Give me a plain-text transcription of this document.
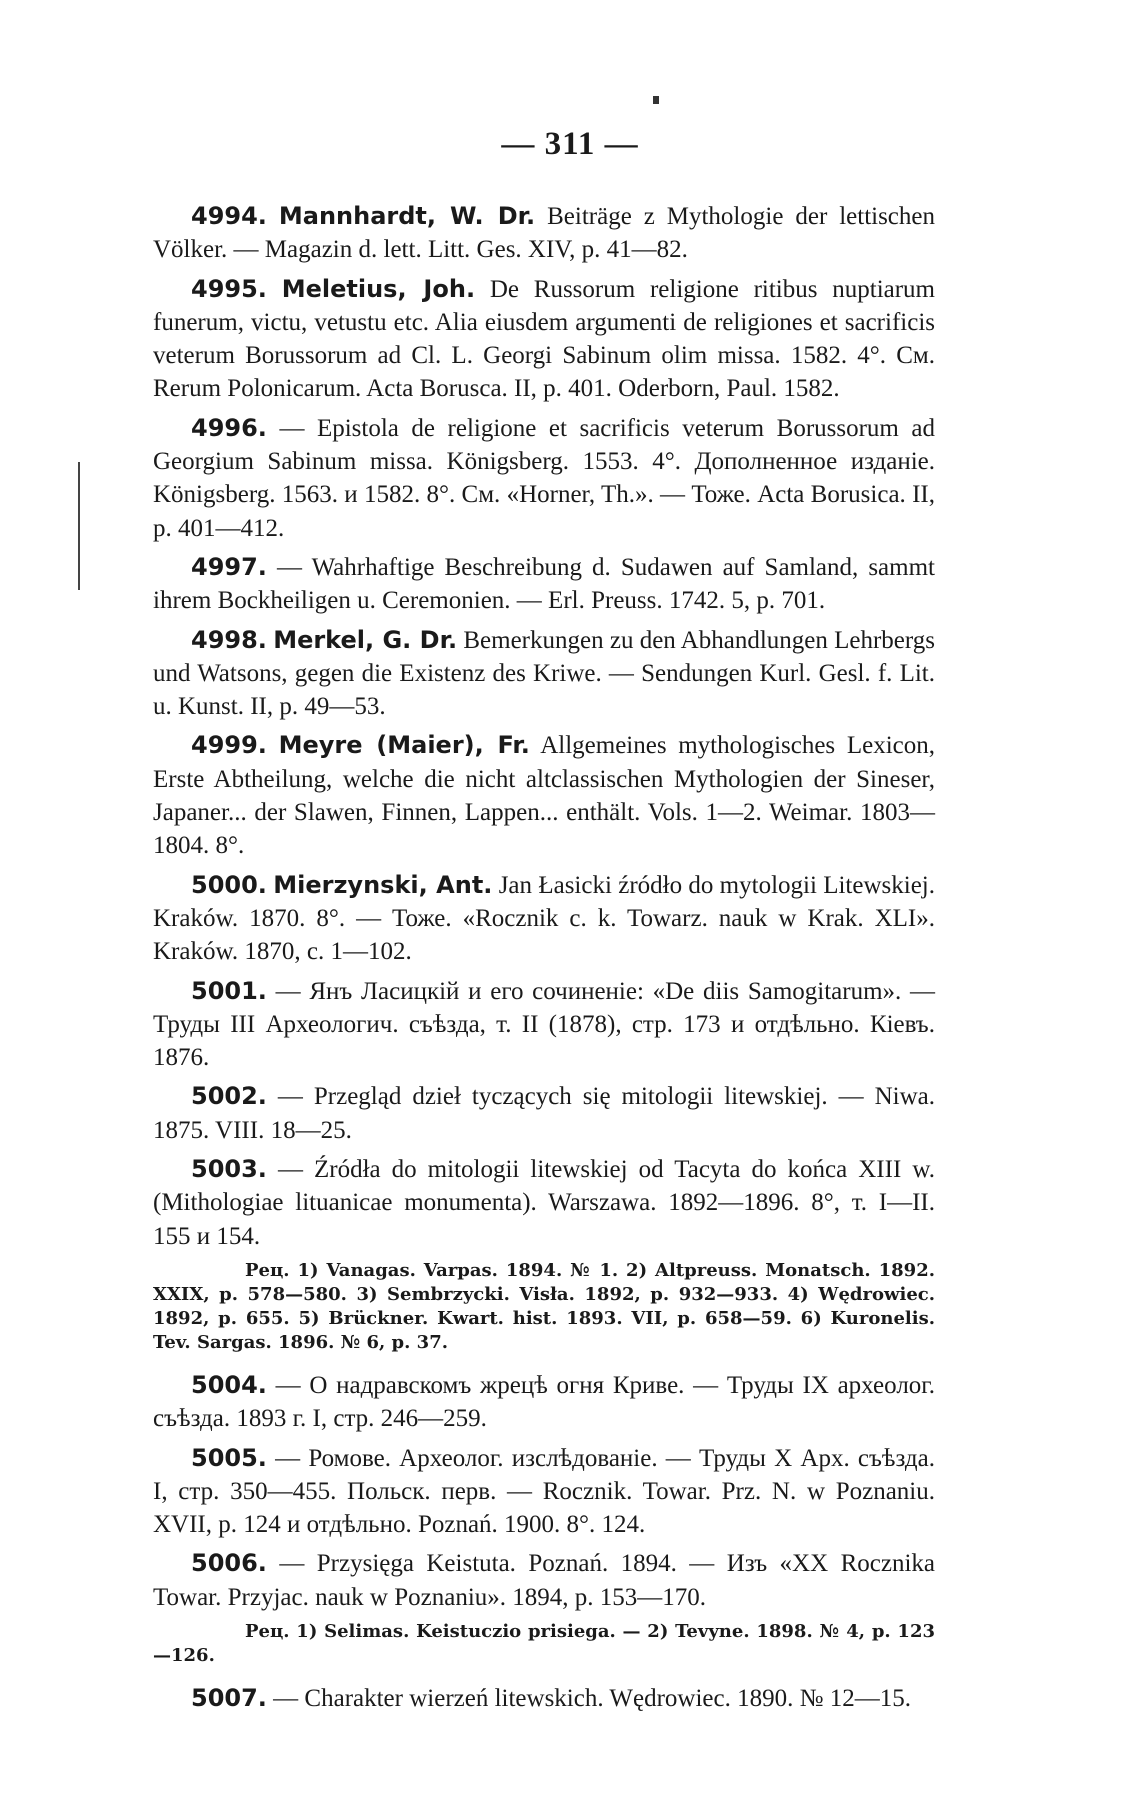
— 311 —

4994. Mannhardt, W. Dr. Beiträge z Mythologie der lettischen Völker. — Magazin d. lett. Litt. Ges. XIV, p. 41—82.

4995. Meletius, Joh. De Russorum religione ritibus nuptiarum funerum, victu, vetustu etc. Alia eiusdem argumenti de religiones et sacrificis veterum Borussorum ad Cl. L. Georgi Sabinum olim missa. 1582. 4°. См. Rerum Polonicarum. Acta Borusca. II, p. 401. Oderborn, Paul. 1582.

4996. — Epistola de religione et sacrificis veterum Borussorum ad Georgium Sabinum missa. Königsberg. 1553. 4°. Дополненное изданіе. Königsberg. 1563. и 1582. 8°. См. «Horner, Th.». — Тоже. Acta Borusica. II, p. 401—412.

4997. — Wahrhaftige Beschreibung d. Sudawen auf Samland, sammt ihrem Bockheiligen u. Ceremonien. — Erl. Preuss. 1742. 5, p. 701.

4998. Merkel, G. Dr. Bemerkungen zu den Abhandlungen Lehrbergs und Watsons, gegen die Existenz des Kriwe. — Sendungen Kurl. Gesl. f. Lit. u. Kunst. II, p. 49—53.

4999. Meyre (Maier), Fr. Allgemeines mythologisches Lexicon, Erste Abtheilung, welche die nicht altclassischen Mythologien der Sineser, Japaner... der Slawen, Finnen, Lappen... enthält. Vols. 1—2. Weimar. 1803—1804. 8°.

5000. Mierzynski, Ant. Jan Łasicki źródło do mytologii Litewskiej. Kraków. 1870. 8°. — Тоже. «Rocznik c. k. Towarz. nauk w Krak. XLI». Kraków. 1870, c. 1—102.

5001. — Янъ Ласицкій и его сочиненіе: «De diis Samogitarum». — Труды III Археологич. съѣзда, т. II (1878), стр. 173 и отдѣльно. Кіевъ. 1876.

5002. — Przegląd dzieł tyczących się mitologii litewskiej. — Niwa. 1875. VIII. 18—25.

5003. — Źródła do mitologii litewskiej od Tacyta do końca XIII w. (Mithologiae lituanicae monumenta). Warszawa. 1892—1896. 8°, т. I—II. 155 и 154.

Рец. 1) Vanagas. Varpas. 1894. № 1. 2) Altpreuss. Monatsch. 1892. XXIX, p. 578—580. 3) Sembrzycki. Visła. 1892, p. 932—933. 4) Wędrowiec. 1892, p. 655. 5) Brückner. Kwart. hist. 1893. VII, p. 658—59. 6) Kuronelis. Tev. Sargas. 1896. № 6, p. 37.

5004. — О надравскомъ жрецѣ огня Криве. — Труды IX археолог. съѣзда. 1893 г. I, стр. 246—259.

5005. — Ромове. Археолог. изслѣдованіе. — Труды X Арх. съѣзда. I, стр. 350—455. Польск. перв. — Rocznik. Towar. Prz. N. w Poznaniu. XVII, p. 124 и отдѣльно. Poznań. 1900. 8°. 124.

5006. — Przysięga Keistuta. Poznań. 1894. — Изъ «XX Rocznika Towar. Przyjac. nauk w Poznaniu». 1894, p. 153—170.

Рец. 1) Selimas. Keistuczio prisiega. — 2) Tevyne. 1898. № 4, p. 123—126.

5007. — Charakter wierzeń litewskich. Wędrowiec. 1890. № 12—15.
